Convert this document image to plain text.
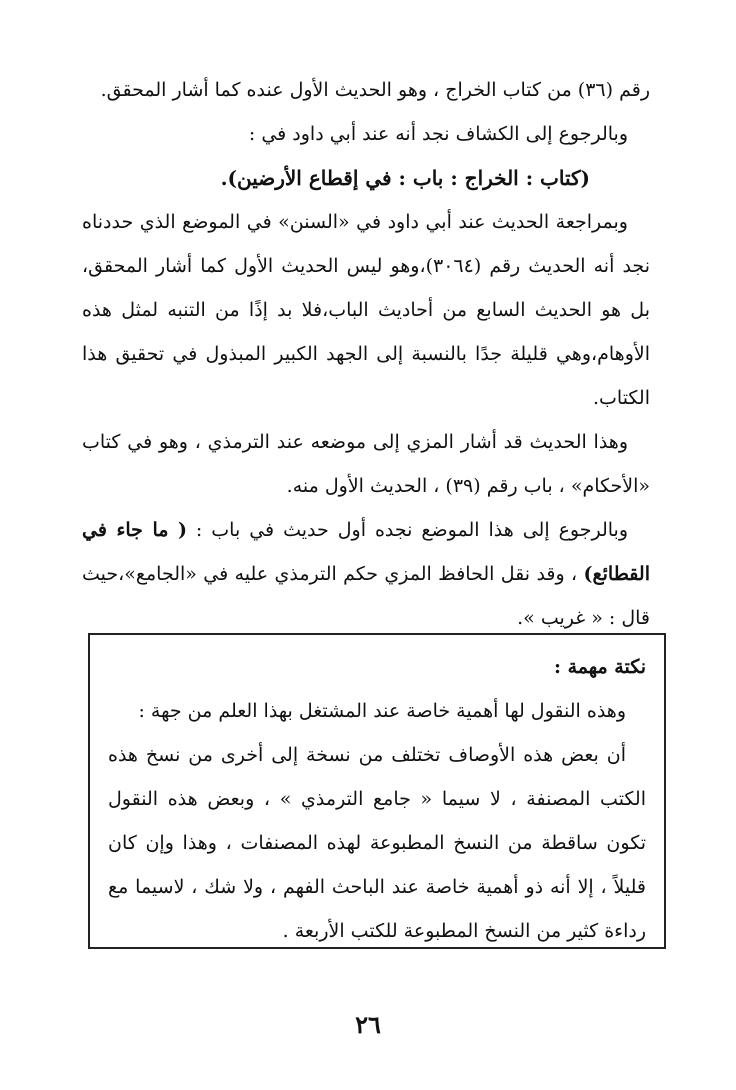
رقم (٣٦) من كتاب الخراج ، وهو الحديث الأول عنده كما أشار المحقق.

وبالرجوع إلى الكشاف نجد أنه عند أبي داود في :

(كتاب : الخراج : باب : في إقطاع الأرضين).

وبمراجعة الحديث عند أبي داود في «السنن» في الموضع الذي حددناه نجد أنه الحديث رقم (٣٠٦٤)،وهو ليس الحديث الأول كما أشار المحقق، بل هو الحديث السابع من أحاديث الباب،فلا بد إذًا من التنبه لمثل هذه الأوهام،وهي قليلة جدًا بالنسبة إلى الجهد الكبير المبذول في تحقيق هذا الكتاب.

وهذا الحديث قد أشار المزي إلى موضعه عند الترمذي ، وهو في كتاب «الأحكام» ، باب رقم (٣٩) ، الحديث الأول منه.

وبالرجوع إلى هذا الموضع نجده أول حديث في باب : ( ما جاء في القطائع) ، وقد نقل الحافظ المزي حكم الترمذي عليه في «الجامع»،حيث قال : « غريب ».

نكتة مهمة :

وهذه النقول لها أهمية خاصة عند المشتغل بهذا العلم من جهة :

أن بعض هذه الأوصاف تختلف من نسخة إلى أخرى من نسخ هذه الكتب المصنفة ، لا سيما « جامع الترمذي » ، وبعض هذه النقول تكون ساقطة من النسخ المطبوعة لهذه المصنفات ، وهذا وإن كان قليلاً ، إلا أنه ذو أهمية خاصة عند الباحث الفهم ، ولا شك ، لاسيما مع رداءة كثير من النسخ المطبوعة للكتب الأربعة .

٢٦
